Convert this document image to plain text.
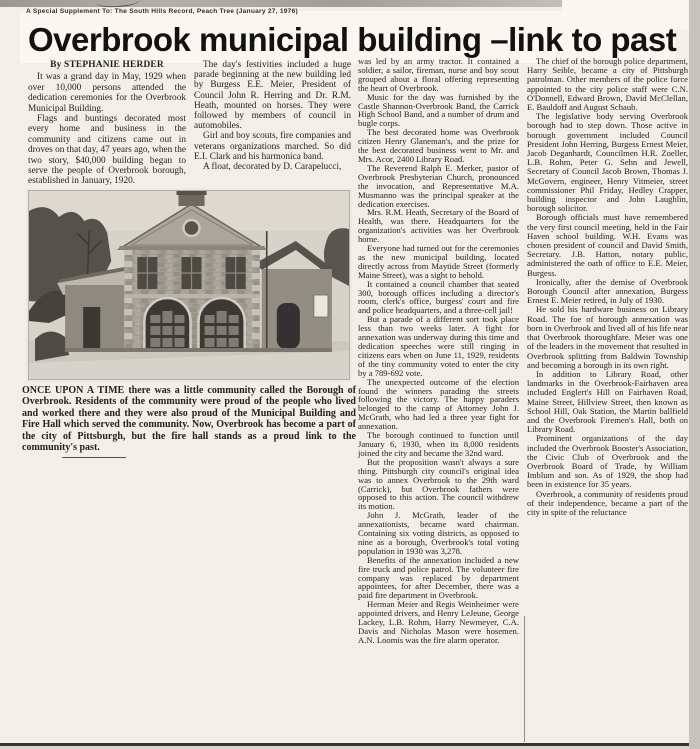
A Special Supplement To: The South Hills Record, Peach Tree (January 27, 1976)
Overbrook municipal building –link to past
By STEPHANIE HERDER

It was a grand day in May, 1929 when over 10,000 persons attended the dedication ceremonies for the Overbrook Municipal Building.

Flags and buntings decorated most every home and business in the community and citizens came out in droves on that day, 47 years ago, when the two story, $40,000 building began to serve the people of Overbrook borough, established in January, 1920.

The day's festivities included a huge parade beginning at the new building led by Burgess E.E. Meier, President of Council John R. Herring and Dr. R.M. Heath, mounted on horses. They were followed by members of council in automobiles.

Girl and boy scouts, fire companies and veterans organizations marched. So did E.I. Clark and his harmonica band.

A float, decorated by D. Carapelucci,

was led by an army tractor. It contained a soldier, a sailor, fireman, nurse and boy scout grouped about a floral offering representing the heart of Overbrook.

Music for the day was furnished by the Castle Shannon-Overbrook Band, the Carrick High School Band, and a number of drum and bugle corps.

The best decorated home was Overbrook citizen Henry Glaneman's, and the prize for the best decorated business went to Mr. and Mrs. Acor, 2400 Library Road.

The Reverend Ralph E. Merker, pastor of Overbrook Presbyterian Church, pronounced the invocation, and Representative M.A. Musmanno was the principal speaker at the dedication exercises.

Mrs. R.M. Heath, Secretary of the Board of Health, was there. Headquarters for the organization's activities was her Overbrook home.

Everyone had turned out for the ceremonies as the new municipal building, located directly across from Maytide Street (formerly Maine Street), was a sight to behold.

It contained a council chamber that seated 300, borough offices including a director's room, clerk's office, burgess' court and fire and police headquarters, and a three-cell jail!

But a parade of a different sort took place less than two weeks later. A fight for annexation was underway during this time and dedication speeches were still ringing in citizens ears when on June 11, 1929, residents of the tiny community voted to enter the city by a 789-692 vote.

The unexpected outcome of the election found the winners parading the streets following the victory. The happy paraders belonged to the camp of Attorney John J. McGrath, who had led a three year fight for annexation.

The borough continued to function until January 6, 1930, when its 8,000 residents joined the city and became the 32nd ward.

But the proposition wasn't always a sure thing. Pittsburgh city council's original idea was to annex Overbrook to the 29th ward (Carrick), but Overbrook fathers were opposed to this action. The council withdrew its motion.

John J. McGrath, leader of the annexationists, became ward chairman. Containing six voting districts, as opposed to nine as a borough, Overbrook's total voting population in 1930 was 3,278.

Benefits of the annexation included a new fire truck and police patrol. The volunteer fire company was replaced by department appointees, for after December, there was a paid fire department in Overbrook.

Herman Meier and Regis Weinheimer were appointed drivers, and Henry LeJeune, George Lackey, L.B. Rohm, Harry Newmeyer, C.A. Davis and Nicholas Mason were hosemen. A.N. Loomis was the fire alarm operator.

The chief of the borough police department, Harry Seible, became a city of Pittsburgh patrolman. Other members of the police force appointed to the city police staff were C.N. O'Donnell, Edward Brown, David McClellan, E. Bauldoff and August Schaub.

The legislative body serving Overbrook borough had to step down. Those active in borough government included Council President John Herring, Burgess Ernest Meier, Jacob Deganhardt, Councilmen H.R. Zoeller, L.B. Rohm, Peter G. Sehn and Jewell, Secretary of Council Jacob Brown, Thomas J. McGovern, engineer, Henry Vitmeier, street commissioner Phil Friday, Hedley Crapper, building inspector and John Laughlin, borough solicitor.

Borough officials must have remembered the very first council meeting, held in the Fair Haven school building. W.H. Evans was chosen president of council and David Smith, Secretary. J.B. Hatton, notary public, administered the oath of office to E.E. Meier, Burgess.

Ironically, after the demise of Overbrook Borough Council after annexation, Burgess Ernest E. Meier retired, in July of 1930.

He sold his hardware business on Library Road. The foe of borough annexation was born in Overbrook and lived all of his life near that Overbrook thoroughfare. Meier was one of the leaders in the movement that resulted in Overbrook splitting from Baldwin Township and becoming a borough in its own right.

In addition to Library Road, other landmarks in the Overbrook-Fairhaven area included Englert's Hill on Fairhaven Road, Maine Street, Hillview Street, then known as School Hill, Oak Station, the Martin ballfield and the Overbrook Firemen's Hall, both on Library Road.

Prominent organizations of the day included the Overbrook Booster's Association, the Civic Club of Overbrook and the Overbrook Board of Trade, by William Imblum and son. As of 1929, the shop had been in existence for 35 years.

Overbrook, a community of residents proud of their independence, became a part of the city in spite of the reluctance

ONCE UPON A TIME there was a little community called the Borough of Overbrook. Residents of the community were proud of the people who lived and worked there and they were also proud of the Municipal Building and Fire Hall which served the community. Now, Overbrook has become a part of the city of Pittsburgh, but the fire hall stands as a proud link to the community's past.
